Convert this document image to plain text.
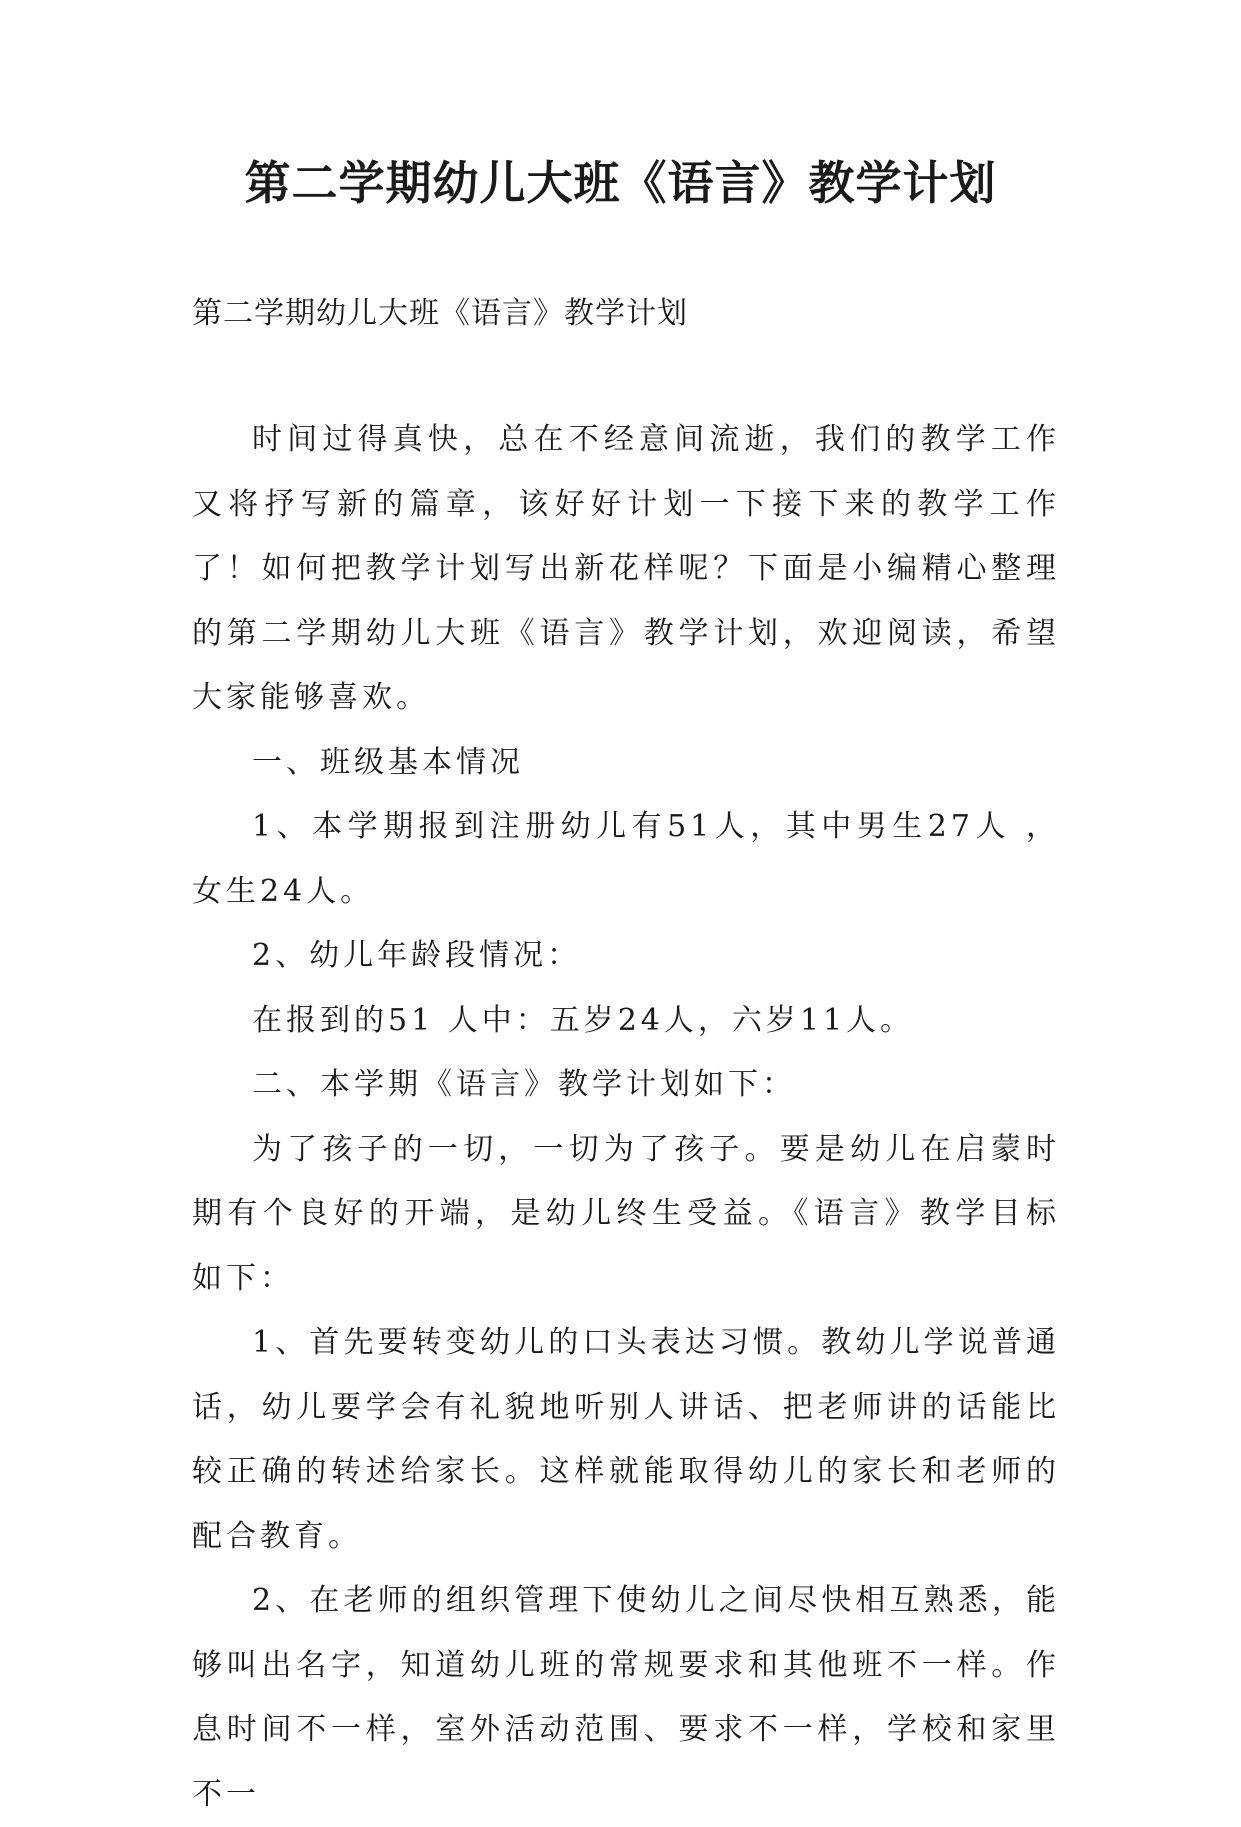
第二学期幼儿大班《语言》教学计划

第二学期幼儿大班《语言》教学计划

时间过得真快，总在不经意间流逝，我们的教学工作又将抒写新的篇章，该好好计划一下接下来的教学工作了！如何把教学计划写出新花样呢？下面是小编精心整理的第二学期幼儿大班《语言》教学计划，欢迎阅读，希望大家能够喜欢。

一、班级基本情况

1、本学期报到注册幼儿有51人，其中男生27人 ，女生24人。

2、幼儿年龄段情况：

在报到的51 人中：五岁24人，六岁11人。

二、本学期《语言》教学计划如下：

为了孩子的一切，一切为了孩子。要是幼儿在启蒙时期有个良好的开端，是幼儿终生受益。《语言》教学目标如下：

1、首先要转变幼儿的口头表达习惯。教幼儿学说普通话，幼儿要学会有礼貌地听别人讲话、把老师讲的话能比较正确的转述给家长。这样就能取得幼儿的家长和老师的配合教育。

2、在老师的组织管理下使幼儿之间尽快相互熟悉，能够叫出名字，知道幼儿班的常规要求和其他班不一样。作息时间不一样，室外活动范围、要求不一样，学校和家里不一
